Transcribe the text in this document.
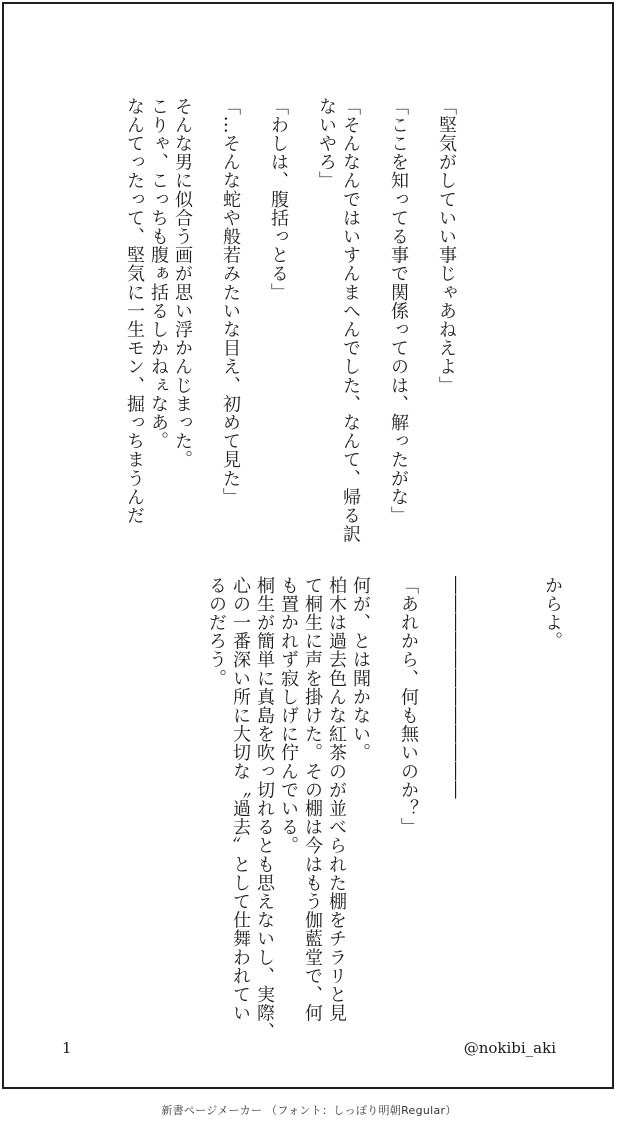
「堅気がしていい事じゃあねえよ」

「ここを知ってる事で関係ってのは、解ったがな」

「そんなんではいすんまへんでした、なんて、帰る訳
ないやろ」

「わしは、腹括っとる」

「…そんな蛇や般若みたいな目え、初めて見た」

そんな男に似合う画が思い浮かんじまった。
こりゃ、こっちも腹ぁ括るしかねぇなあ。
なんてったって、堅気に一生モン、掘っちまうんだ
からよ。

――――――――――――

「あれから、何も無いのか？」

何が、とは聞かない。
柏木は過去色んな紅茶のが並べられた棚をチラリと見
て桐生に声を掛けた。その棚は今はもう伽藍堂で、何
も置かれず寂しげに佇んでいる。
桐生が簡単に真島を吹っ切れるとも思えないし、実際、
心の一番深い所に大切な〝過去〟として仕舞われてい
るのだろう。
1	@nokibi_aki
新書ページメーカー （フォント：しっぽり明朝Regular）
